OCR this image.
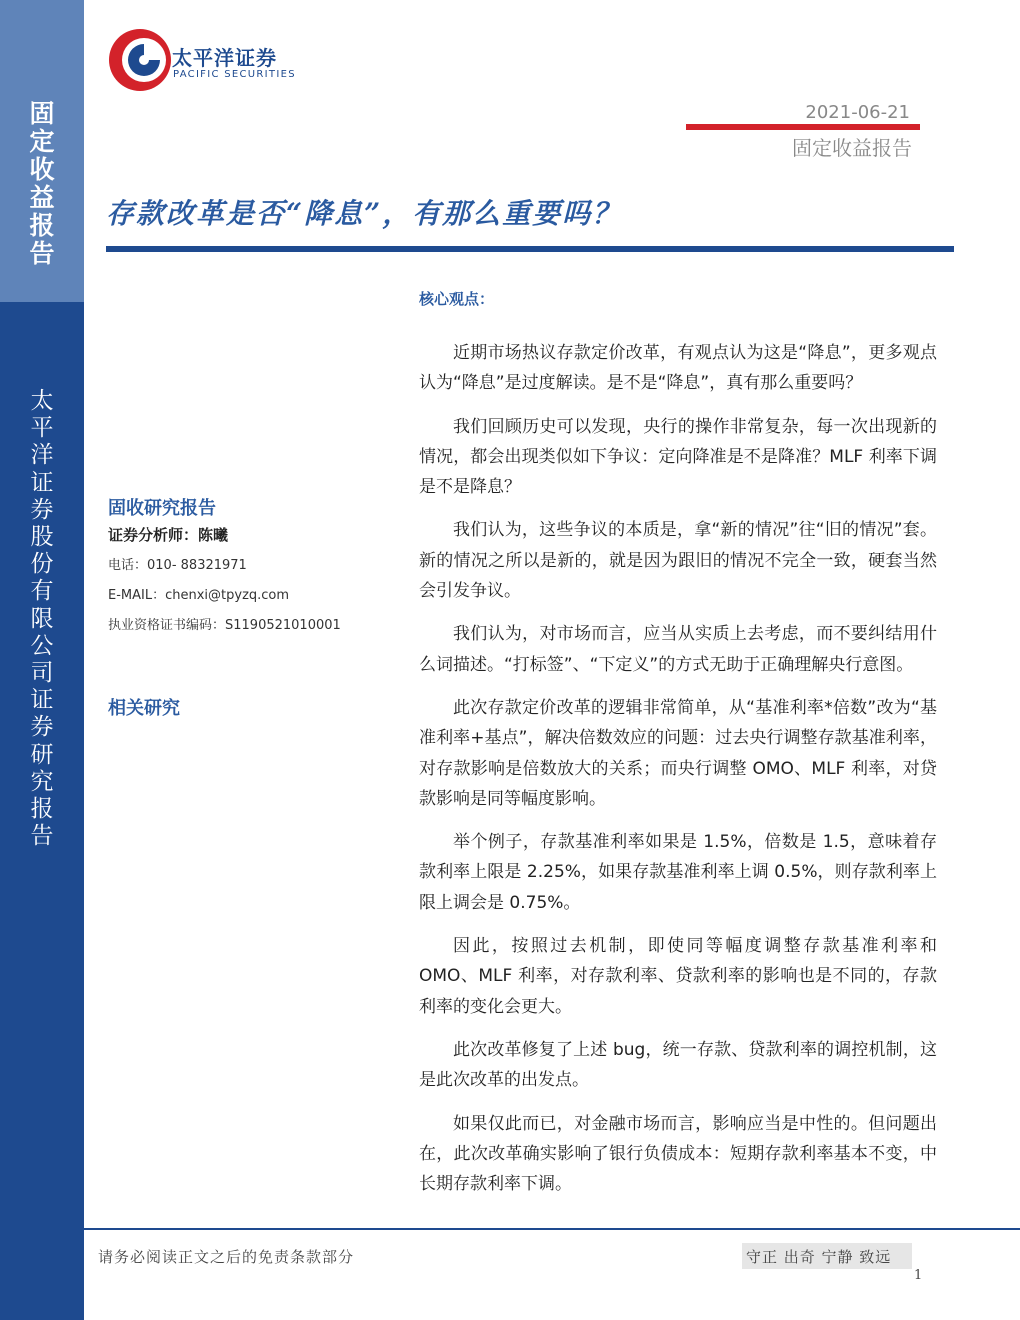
固定收益报告
太平洋证券股份有限公司证券研究报告
太平洋证券
PACIFIC SECURITIES
2021-06-21
固定收益报告
存款改革是否“降息”，有那么重要吗？
固收研究报告
证券分析师：陈曦
电话：010- 88321971
E-MAIL：chenxi@tpyzq.com
执业资格证书编码：S1190521010001
相关研究
核心观点：

近期市场热议存款定价改革，有观点认为这是“降息”，更多观点认为“降息”是过度解读。是不是“降息”，真有那么重要吗？

我们回顾历史可以发现，央行的操作非常复杂，每一次出现新的情况，都会出现类似如下争议：定向降准是不是降准？MLF 利率下调是不是降息？

我们认为，这些争议的本质是，拿“新的情况”往“旧的情况”套。新的情况之所以是新的，就是因为跟旧的情况不完全一致，硬套当然会引发争议。

我们认为，对市场而言，应当从实质上去考虑，而不要纠结用什么词描述。“打标签”、“下定义”的方式无助于正确理解央行意图。

此次存款定价改革的逻辑非常简单，从“基准利率*倍数”改为“基准利率+基点”，解决倍数效应的问题：过去央行调整存款基准利率，对存款影响是倍数放大的关系；而央行调整 OMO、MLF 利率，对贷款影响是同等幅度影响。

举个例子，存款基准利率如果是 1.5%，倍数是 1.5，意味着存款利率上限是 2.25%，如果存款基准利率上调 0.5%，则存款利率上限上调会是 0.75%。

因此，按照过去机制，即使同等幅度调整存款基准利率和 OMO、MLF 利率，对存款利率、贷款利率的影响也是不同的，存款利率的变化会更大。

此次改革修复了上述 bug，统一存款、贷款利率的调控机制，这是此次改革的出发点。

如果仅此而已，对金融市场而言，影响应当是中性的。但问题出在，此次改革确实影响了银行负债成本：短期存款利率基本不变，中长期存款利率下调。

请务必阅读正文之后的免责条款部分	守正 出奇 宁静 致远
1
